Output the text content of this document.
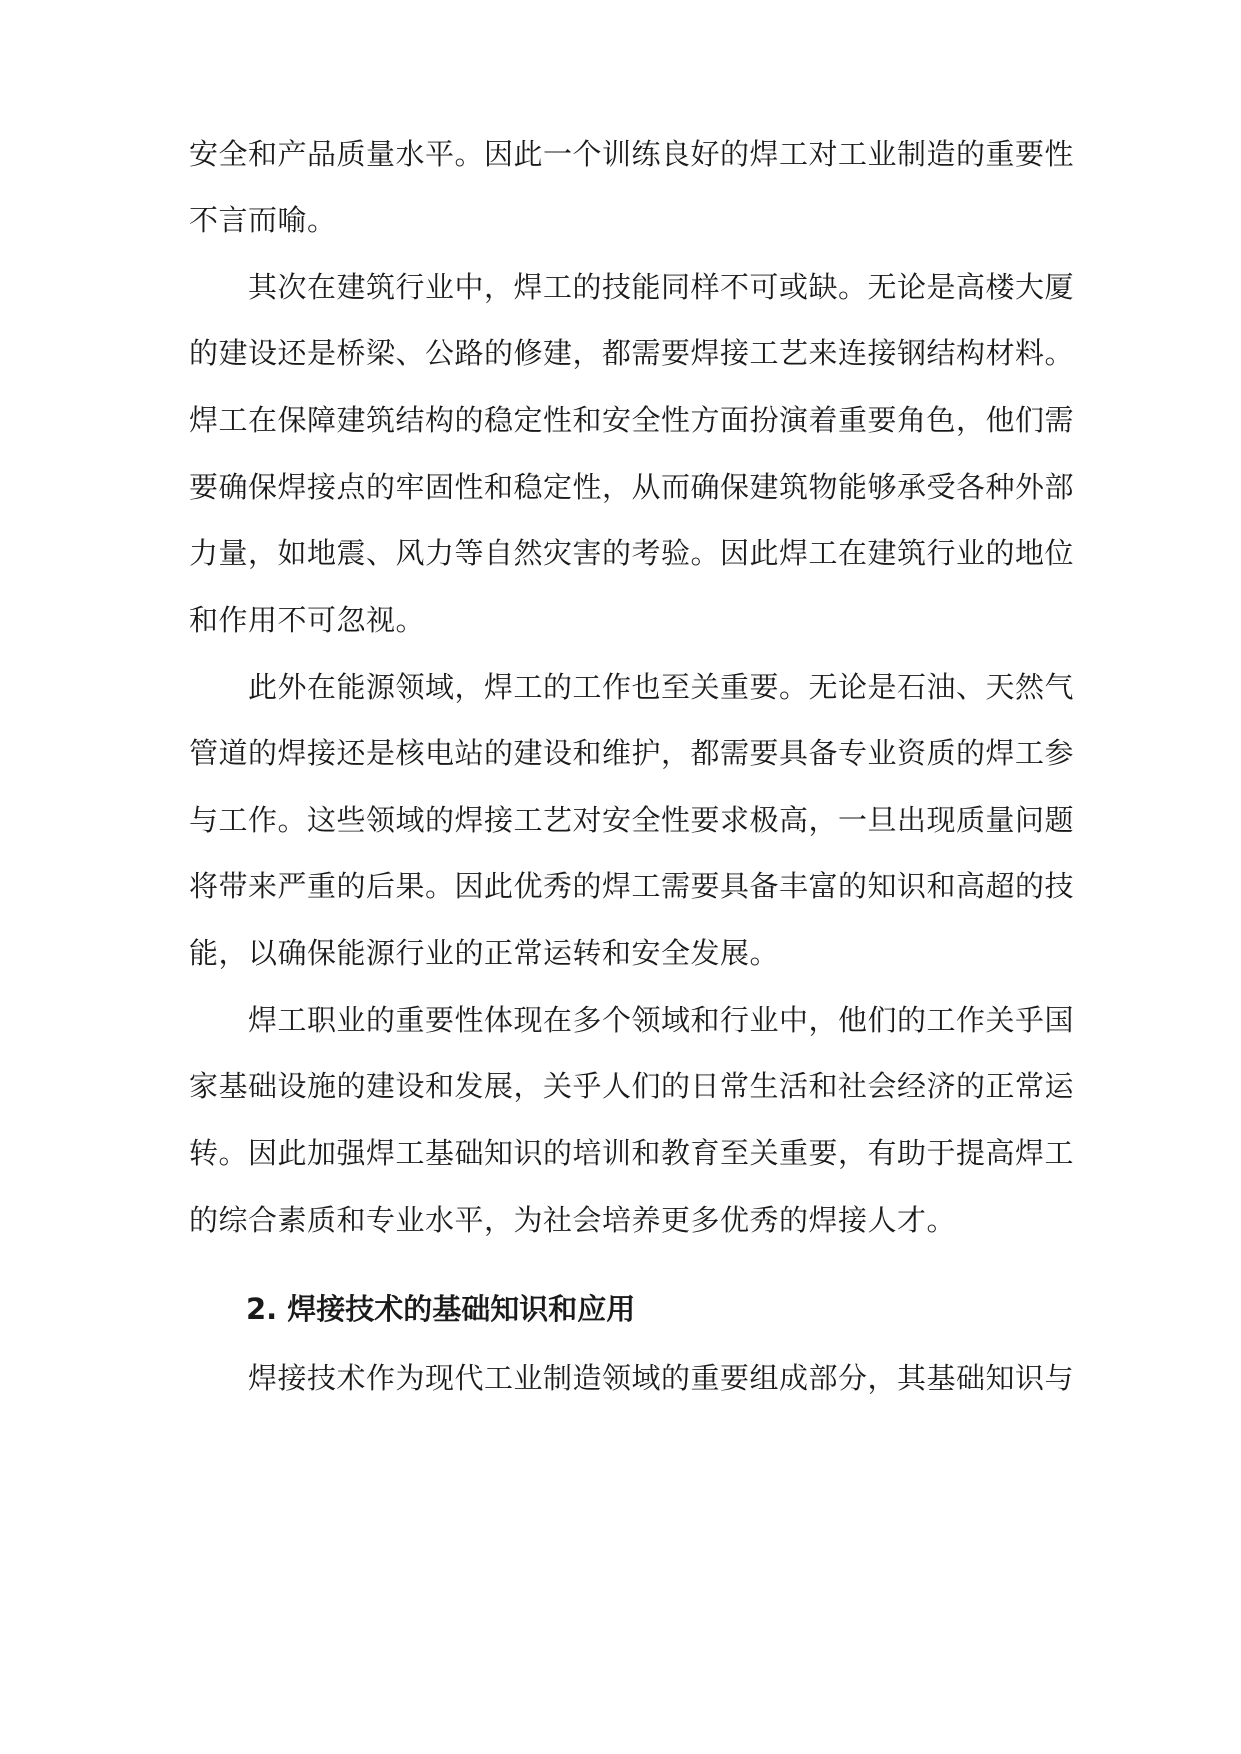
安全和产品质量水平。因此一个训练良好的焊工对工业制造的重要性
不言而喻。
　　其次在建筑行业中，焊工的技能同样不可或缺。无论是高楼大厦
的建设还是桥梁、公路的修建，都需要焊接工艺来连接钢结构材料。
焊工在保障建筑结构的稳定性和安全性方面扮演着重要角色，他们需
要确保焊接点的牢固性和稳定性，从而确保建筑物能够承受各种外部
力量，如地震、风力等自然灾害的考验。因此焊工在建筑行业的地位
和作用不可忽视。
　　此外在能源领域，焊工的工作也至关重要。无论是石油、天然气
管道的焊接还是核电站的建设和维护，都需要具备专业资质的焊工参
与工作。这些领域的焊接工艺对安全性要求极高，一旦出现质量问题
将带来严重的后果。因此优秀的焊工需要具备丰富的知识和高超的技
能，以确保能源行业的正常运转和安全发展。
　　焊工职业的重要性体现在多个领域和行业中，他们的工作关乎国
家基础设施的建设和发展，关乎人们的日常生活和社会经济的正常运
转。因此加强焊工基础知识的培训和教育至关重要，有助于提高焊工
的综合素质和专业水平，为社会培养更多优秀的焊接人才。
2. 焊接技术的基础知识和应用
　　焊接技术作为现代工业制造领域的重要组成部分，其基础知识与
